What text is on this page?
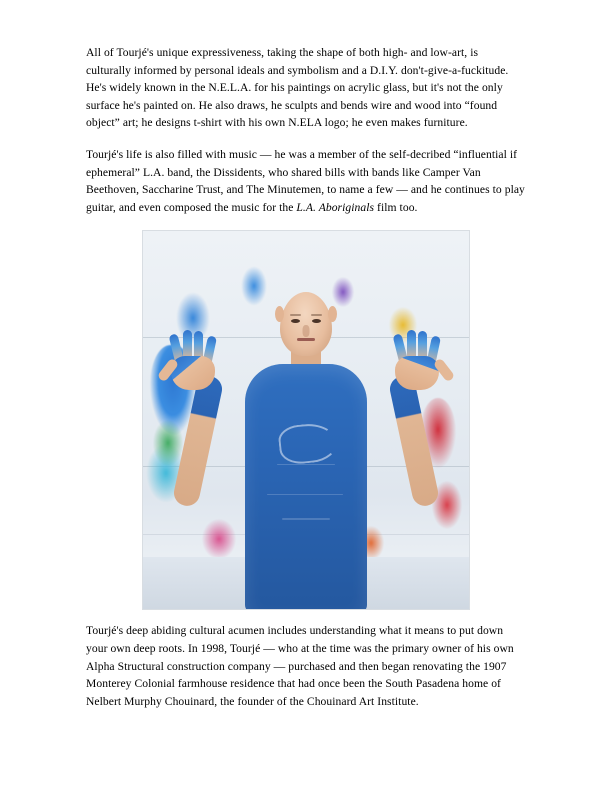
All of Tourjé's unique expressiveness, taking the shape of both high- and low-art, is culturally informed by personal ideals and symbolism and a D.I.Y. don't-give-a-fuckitude. He's widely known in the N.E.L.A. for his paintings on acrylic glass, but it's not the only surface he's painted on. He also draws, he sculpts and bends wire and wood into “found object” art; he designs t-shirt with his own N.ELA logo; he even makes furniture.

Tourjé's life is also filled with music — he was a member of the self-decribed “influential if ephemeral” L.A. band, the Dissidents, who shared bills with bands like Camper Van Beethoven, Saccharine Trust, and The Minutemen, to name a few — and he continues to play guitar, and even composed the music for the L.A. Aboriginals film too.

Tourjé's deep abiding cultural acumen includes understanding what it means to put down your own deep roots. In 1998, Tourjé — who at the time was the primary owner of his own Alpha Structural construction company — purchased and then began renovating the 1907 Monterey Colonial farmhouse residence that had once been the South Pasadena home of Nelbert Murphy Chouinard, the founder of the Chouinard Art Institute.
